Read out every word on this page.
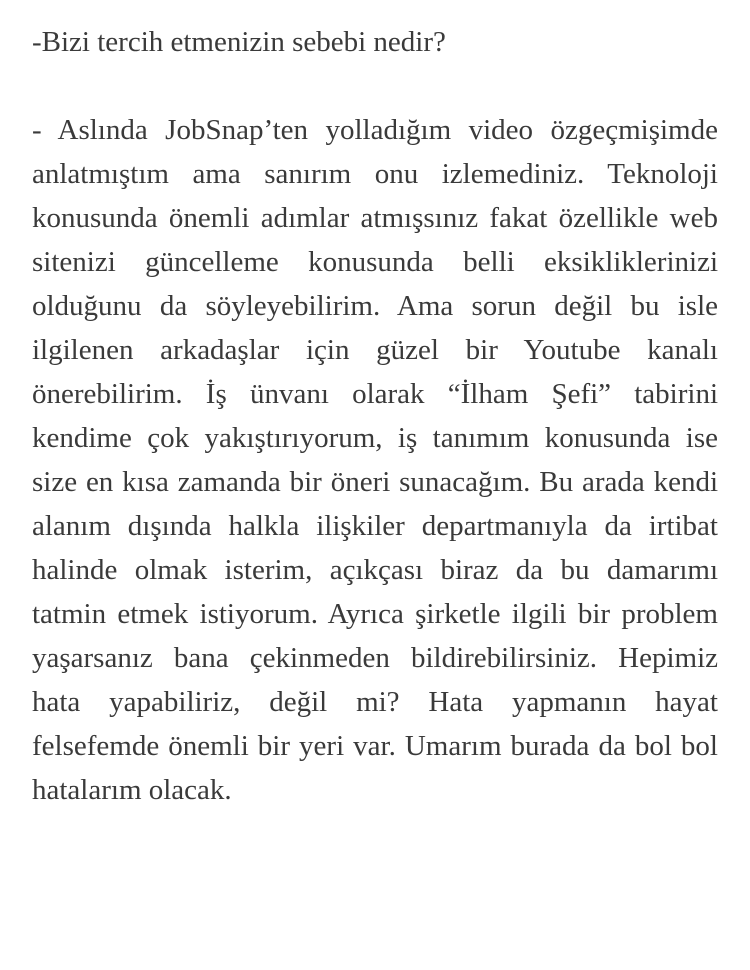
-Bizi tercih etmenizin sebebi nedir?

- Aslında JobSnap’ten yolladığım video özgeçmişimde anlatmıştım ama sanırım onu izlemediniz. Teknoloji konusunda önemli adımlar atmışsınız fakat özellikle web sitenizi güncelleme konusunda belli eksikliklerinizi olduğunu da söyleyebilirim. Ama sorun değil bu isle ilgilenen arkadaşlar için güzel bir Youtube kanalı önerebilirim. İş ünvanı olarak “İlham Şefi” tabirini kendime çok yakıştırıyorum, iş tanımım konusunda ise size en kısa zamanda bir öneri sunacağım. Bu arada kendi alanım dışında halkla ilişkiler departmanıyla da irtibat halinde olmak isterim, açıkçası biraz da bu damarımı tatmin etmek istiyorum. Ayrıca şirketle ilgili bir problem yaşarsanız bana çekinmeden bildirebilirsiniz. Hepimiz hata yapabiliriz, değil mi? Hata yapmanın hayat felsefemde önemli bir yeri var. Umarım burada da bol bol hatalarım olacak.
